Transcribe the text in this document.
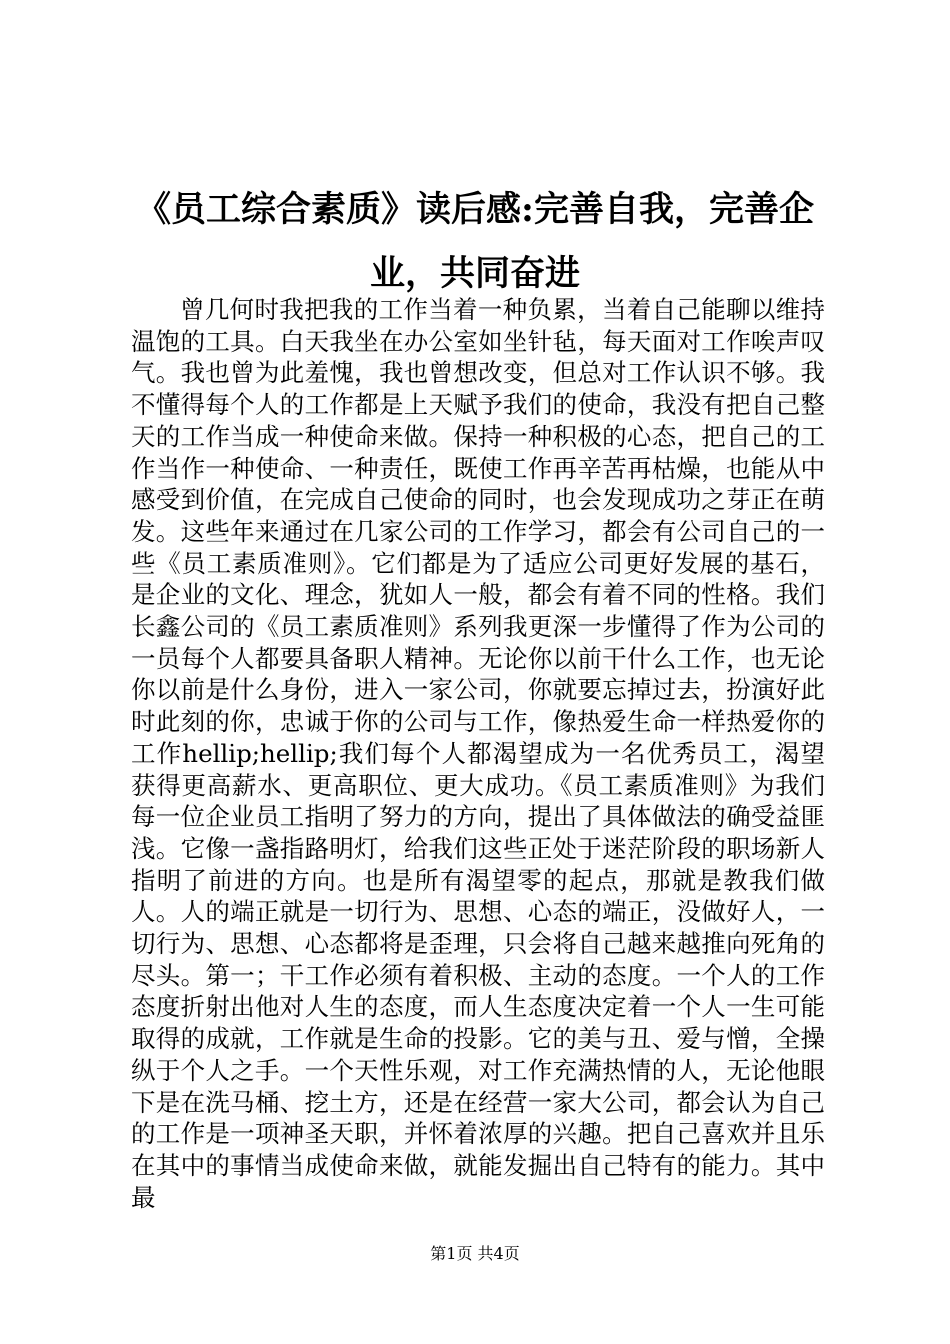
《员工综合素质》读后感:完善自我，完善企业，共同奋进

曾几何时我把我的工作当着一种负累，当着自己能聊以维持温饱的工具。白天我坐在办公室如坐针毡，每天面对工作唉声叹气。我也曾为此羞愧，我也曾想改变，但总对工作认识不够。我不懂得每个人的工作都是上天赋予我们的使命，我没有把自己整天的工作当成一种使命来做。保持一种积极的心态，把自己的工作当作一种使命、一种责任，既使工作再辛苦再枯燥，也能从中感受到价值，在完成自己使命的同时，也会发现成功之芽正在萌发。这些年来通过在几家公司的工作学习，都会有公司自己的一些《员工素质准则》。它们都是为了适应公司更好发展的基石，是企业的文化、理念，犹如人一般，都会有着不同的性格。我们长鑫公司的《员工素质准则》系列我更深一步懂得了作为公司的一员每个人都要具备职人精神。无论你以前干什么工作，也无论你以前是什么身份，进入一家公司，你就要忘掉过去，扮演好此时此刻的你，忠诚于你的公司与工作，像热爱生命一样热爱你的工作hellip;hellip;我们每个人都渴望成为一名优秀员工，渴望获得更高薪水、更高职位、更大成功。《员工素质准则》为我们每一位企业员工指明了努力的方向，提出了具体做法的确受益匪浅。它像一盏指路明灯，给我们这些正处于迷茫阶段的职场新人指明了前进的方向。也是所有渴望零的起点，那就是教我们做人。人的端正就是一切行为、思想、心态的端正，没做好人，一切行为、思想、心态都将是歪理，只会将自己越来越推向死角的尽头。第一；干工作必须有着积极、主动的态度。一个人的工作态度折射出他对人生的态度，而人生态度决定着一个人一生可能取得的成就，工作就是生命的投影。它的美与丑、爱与憎，全操纵于个人之手。一个天性乐观，对工作充满热情的人，无论他眼下是在洗马桶、挖土方，还是在经营一家大公司，都会认为自己的工作是一项神圣天职，并怀着浓厚的兴趣。把自己喜欢并且乐在其中的事情当成使命来做，就能发掘出自己特有的能力。其中最

第1页 共4页
